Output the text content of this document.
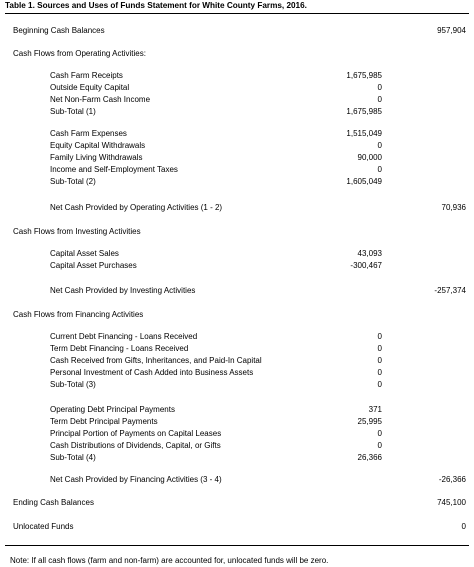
Table 1. Sources and Uses of Funds Statement for White County Farms, 2016.
Beginning Cash Balances	957,904
Cash Flows from Operating Activities:
Cash Farm Receipts	1,675,985
Outside Equity Capital	0
Net Non-Farm Cash Income	0
Sub-Total (1)	1,675,985
Cash Farm Expenses	1,515,049
Equity Capital Withdrawals	0
Family Living Withdrawals	90,000
Income and Self-Employment Taxes	0
Sub-Total (2)	1,605,049
Net Cash Provided by Operating Activities (1 - 2)	70,936
Cash Flows from Investing Activities
Capital Asset Sales	43,093
Capital Asset Purchases	-300,467
Net Cash Provided by Investing Activities	-257,374
Cash Flows from Financing Activities
Current Debt Financing - Loans Received	0
Term Debt Financing - Loans Received	0
Cash Received from Gifts, Inheritances, and Paid-In Capital	0
Personal Investment of Cash Added into Business Assets	0
Sub-Total (3)	0
Operating Debt Principal Payments	371
Term Debt Principal Payments	25,995
Principal Portion of Payments on Capital Leases	0
Cash Distributions of Dividends, Capital, or Gifts	0
Sub-Total (4)	26,366
Net Cash Provided by Financing Activities (3 - 4)	-26,366
Ending Cash Balances	745,100
Unlocated Funds	0
Note: If all cash flows (farm and non-farm) are accounted for, unlocated funds will be zero.
